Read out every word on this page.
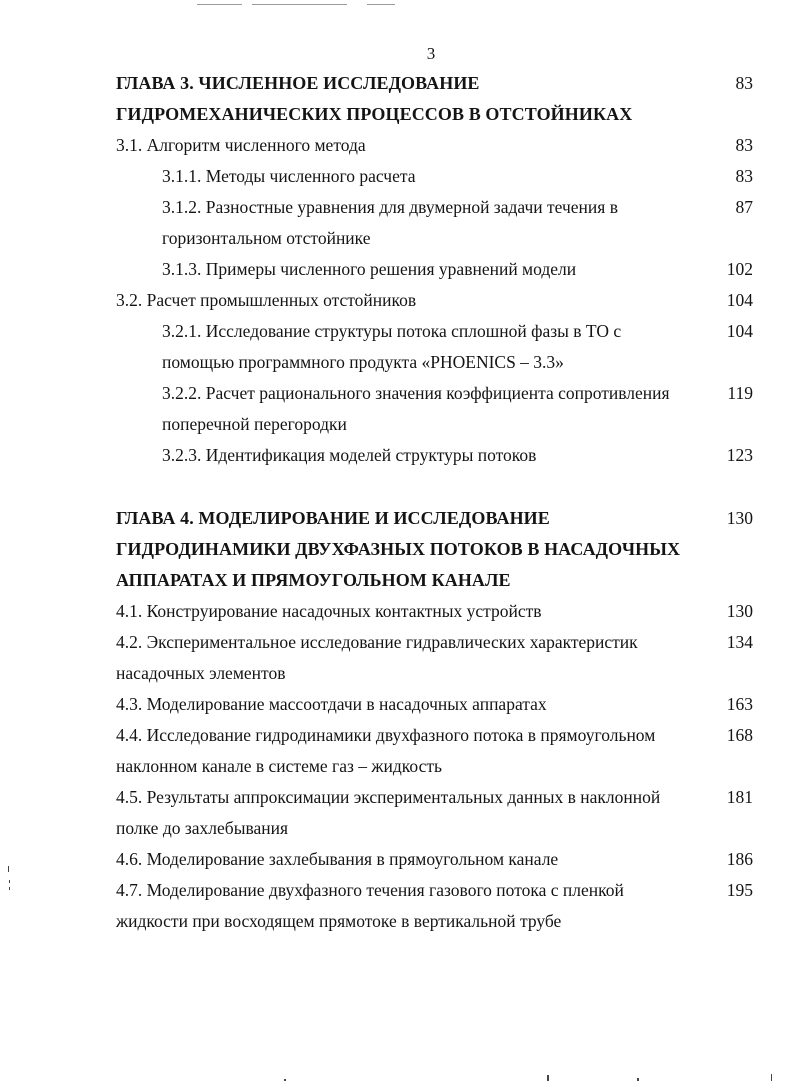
3
ГЛАВА 3. ЧИСЛЕННОЕ ИССЛЕДОВАНИЕ	83
ГИДРОМЕХАНИЧЕСКИХ ПРОЦЕССОВ В ОТСТОЙНИКАХ
3.1. Алгоритм численного метода	83
3.1.1. Методы численного расчета	83
3.1.2. Разностные уравнения для двумерной задачи течения в	87
горизонтальном отстойнике
3.1.3. Примеры численного решения уравнений модели	102
3.2. Расчет промышленных отстойников	104
3.2.1. Исследование структуры потока сплошной фазы в ТО с	104
помощью программного продукта «PHOENICS – 3.3»
3.2.2. Расчет рационального значения коэффициента сопротивления	119
поперечной перегородки
3.2.3. Идентификация моделей структуры потоков	123
ГЛАВА 4. МОДЕЛИРОВАНИЕ И ИССЛЕДОВАНИЕ	130
ГИДРОДИНАМИКИ ДВУХФАЗНЫХ ПОТОКОВ В НАСАДОЧНЫХ
АППАРАТАХ И ПРЯМОУГОЛЬНОМ КАНАЛЕ
4.1. Конструирование насадочных контактных устройств	130
4.2. Экспериментальное исследование гидравлических характеристик	134
насадочных элементов
4.3. Моделирование массоотдачи в насадочных аппаратах	163
4.4. Исследование гидродинамики двухфазного потока в прямоугольном	168
наклонном канале в системе газ – жидкость
4.5. Результаты аппроксимации экспериментальных данных в наклонной	181
полке до захлебывания
4.6. Моделирование захлебывания в прямоугольном канале	186
4.7. Моделирование двухфазного течения газового потока с пленкой	195
жидкости при восходящем прямотоке в вертикальной трубе
